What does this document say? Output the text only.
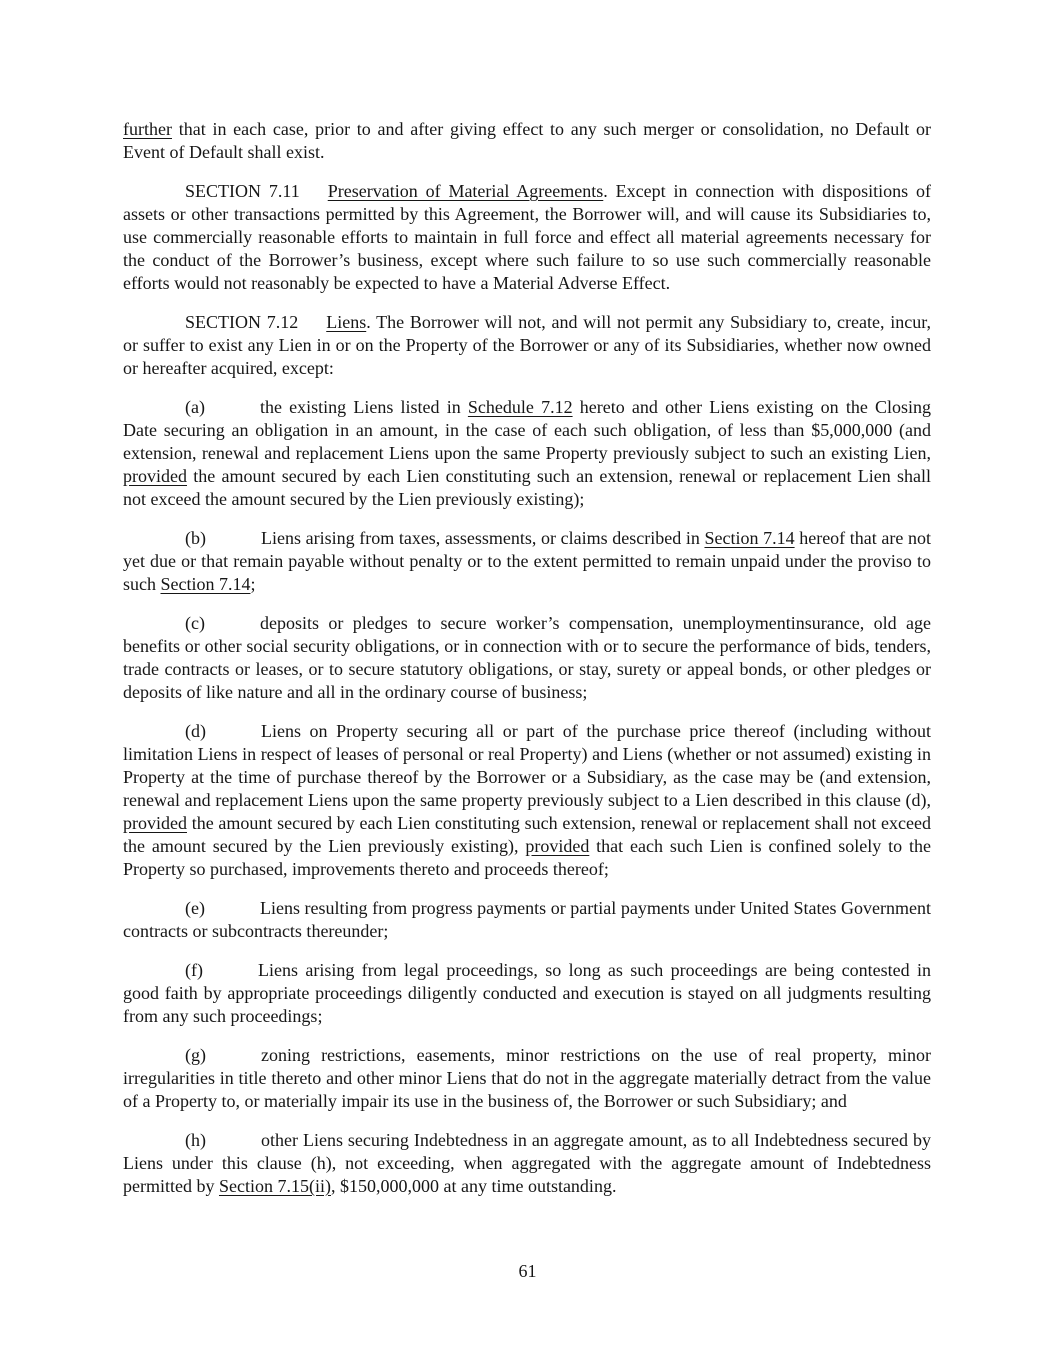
further that in each case, prior to and after giving effect to any such merger or consolidation, no Default or Event of Default shall exist.

SECTION 7.11 Preservation of Material Agreements. Except in connection with dispositions of assets or other transactions permitted by this Agreement, the Borrower will, and will cause its Subsidiaries to, use commercially reasonable efforts to maintain in full force and effect all material agreements necessary for the conduct of the Borrower’s business, except where such failure to so use such commercially reasonable efforts would not reasonably be expected to have a Material Adverse Effect.

SECTION 7.12 Liens. The Borrower will not, and will not permit any Subsidiary to, create, incur, or suffer to exist any Lien in or on the Property of the Borrower or any of its Subsidiaries, whether now owned or hereafter acquired, except:

(a)	the existing Liens listed in Schedule 7.12 hereto and other Liens existing on the Closing Date securing an obligation in an amount, in the case of each such obligation, of less than $5,000,000 (and extension, renewal and replacement Liens upon the same Property previously subject to such an existing Lien, provided the amount secured by each Lien constituting such an extension, renewal or replacement Lien shall not exceed the amount secured by the Lien previously existing);

(b)	Liens arising from taxes, assessments, or claims described in Section 7.14 hereof that are not yet due or that remain payable without penalty or to the extent permitted to remain unpaid under the proviso to such Section 7.14;

(c)	deposits or pledges to secure worker’s compensation, unemploymentinsurance, old age benefits or other social security obligations, or in connection with or to secure the performance of bids, tenders, trade contracts or leases, or to secure statutory obligations, or stay, surety or appeal bonds, or other pledges or deposits of like nature and all in the ordinary course of business;

(d)	Liens on Property securing all or part of the purchase price thereof (including without limitation Liens in respect of leases of personal or real Property) and Liens (whether or not assumed) existing in Property at the time of purchase thereof by the Borrower or a Subsidiary, as the case may be (and extension, renewal and replacement Liens upon the same property previously subject to a Lien described in this clause (d), provided the amount secured by each Lien constituting such extension, renewal or replacement shall not exceed the amount secured by the Lien previously existing), provided that each such Lien is confined solely to the Property so purchased, improvements thereto and proceeds thereof;

(e)	Liens resulting from progress payments or partial payments under United States Government contracts or subcontracts thereunder;

(f)	Liens arising from legal proceedings, so long as such proceedings are being contested in good faith by appropriate proceedings diligently conducted and execution is stayed on all judgments resulting from any such proceedings;

(g)	zoning restrictions, easements, minor restrictions on the use of real property, minor irregularities in title thereto and other minor Liens that do not in the aggregate materially detract from the value of a Property to, or materially impair its use in the business of, the Borrower or such Subsidiary; and

(h)	other Liens securing Indebtedness in an aggregate amount, as to all Indebtedness secured by Liens under this clause (h), not exceeding, when aggregated with the aggregate amount of Indebtedness permitted by Section 7.15(ii), $150,000,000 at any time outstanding.

61
